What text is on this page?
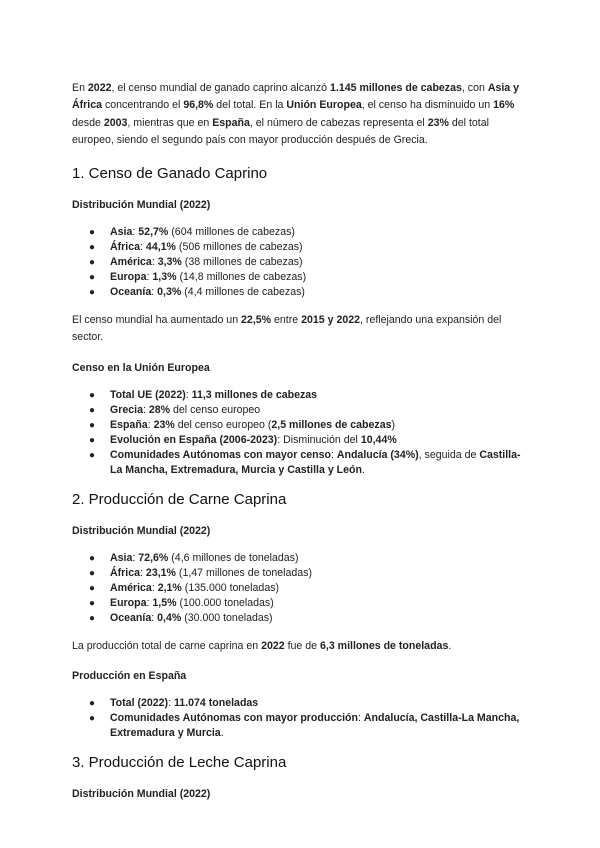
En 2022, el censo mundial de ganado caprino alcanzó 1.145 millones de cabezas, con Asia y África concentrando el 96,8% del total. En la Unión Europea, el censo ha disminuido un 16% desde 2003, mientras que en España, el número de cabezas representa el 23% del total europeo, siendo el segundo país con mayor producción después de Grecia.

1. Censo de Ganado Caprino
Distribución Mundial (2022)
● Asia: 52,7% (604 millones de cabezas)
● África: 44,1% (506 millones de cabezas)
● América: 3,3% (38 millones de cabezas)
● Europa: 1,3% (14,8 millones de cabezas)
● Oceanía: 0,3% (4,4 millones de cabezas)

El censo mundial ha aumentado un 22,5% entre 2015 y 2022, reflejando una expansión del sector.

Censo en la Unión Europea
● Total UE (2022): 11,3 millones de cabezas
● Grecia: 28% del censo europeo
● España: 23% del censo europeo (2,5 millones de cabezas)
● Evolución en España (2006-2023): Disminución del 10,44%
● Comunidades Autónomas con mayor censo: Andalucía (34%), seguida de Castilla-La Mancha, Extremadura, Murcia y Castilla y León.
2. Producción de Carne Caprina
Distribución Mundial (2022)
● Asia: 72,6% (4,6 millones de toneladas)
● África: 23,1% (1,47 millones de toneladas)
● América: 2,1% (135.000 toneladas)
● Europa: 1,5% (100.000 toneladas)
● Oceanía: 0,4% (30.000 toneladas)

La producción total de carne caprina en 2022 fue de 6,3 millones de toneladas.

Producción en España
● Total (2022): 11.074 toneladas
● Comunidades Autónomas con mayor producción: Andalucía, Castilla-La Mancha, Extremadura y Murcia.
3. Producción de Leche Caprina
Distribución Mundial (2022)
